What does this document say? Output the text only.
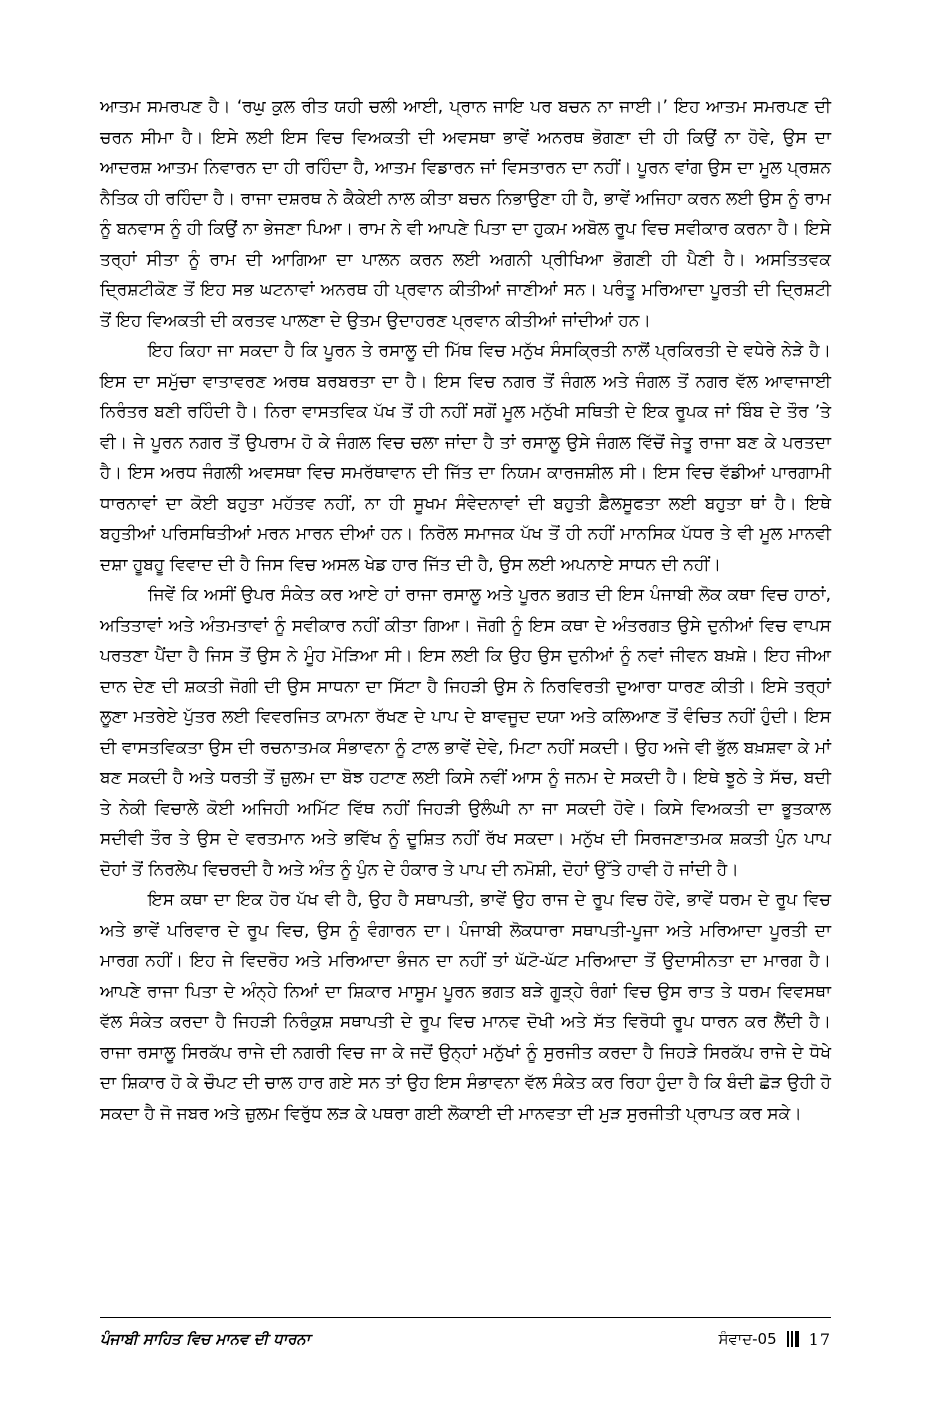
ਆਤਮ ਸਮਰਪਣ ਹੈ। ‘ਰਘੁ ਕੁਲ ਰੀਤ ਯਹੀ ਚਲੀ ਆਈ, ਪ੍ਰਾਨ ਜਾਇ ਪਰ ਬਚਨ ਨਾ ਜਾਈ।’ ਇਹ ਆਤਮ ਸਮਰਪਣ ਦੀ ਚਰਨ ਸੀਮਾ ਹੈ। ਇਸੇ ਲਈ ਇਸ ਵਿਚ ਵਿਅਕਤੀ ਦੀ ਅਵਸਥਾ ਭਾਵੇਂ ਅਨਰਥ ਭੋਗਣਾ ਦੀ ਹੀ ਕਿਉਂ ਨਾ ਹੋਵੇ, ਉਸ ਦਾ ਆਦਰਸ਼ ਆਤਮ ਨਿਵਾਰਨ ਦਾ ਹੀ ਰਹਿੰਦਾ ਹੈ, ਆਤਮ ਵਿਡਾਰਨ ਜਾਂ ਵਿਸਤਾਰਨ ਦਾ ਨਹੀਂ। ਪੂਰਨ ਵਾਂਗ ਉਸ ਦਾ ਮੂਲ ਪ੍ਰਸ਼ਨ ਨੈਤਿਕ ਹੀ ਰਹਿੰਦਾ ਹੈ। ਰਾਜਾ ਦਸ਼ਰਥ ਨੇ ਕੈਕੇਈ ਨਾਲ ਕੀਤਾ ਬਚਨ ਨਿਭਾਉਣਾ ਹੀ ਹੈ, ਭਾਵੇਂ ਅਜਿਹਾ ਕਰਨ ਲਈ ਉਸ ਨੂੰ ਰਾਮ ਨੂੰ ਬਨਵਾਸ ਨੂੰ ਹੀ ਕਿਉਂ ਨਾ ਭੇਜਣਾ ਪਿਆ। ਰਾਮ ਨੇ ਵੀ ਆਪਣੇ ਪਿਤਾ ਦਾ ਹੁਕਮ ਅਬੋਲ ਰੂਪ ਵਿਚ ਸਵੀਕਾਰ ਕਰਨਾ ਹੈ। ਇਸੇ ਤਰ੍ਹਾਂ ਸੀਤਾ ਨੂੰ ਰਾਮ ਦੀ ਆਗਿਆ ਦਾ ਪਾਲਨ ਕਰਨ ਲਈ ਅਗਨੀ ਪ੍ਰੀਖਿਆ ਭੋਗਣੀ ਹੀ ਪੈਣੀ ਹੈ। ਅਸਤਿਤਵਕ ਦ੍ਰਿਸ਼ਟੀਕੋਣ ਤੋਂ ਇਹ ਸਭ ਘਟਨਾਵਾਂ ਅਨਰਥ ਹੀ ਪ੍ਰਵਾਨ ਕੀਤੀਆਂ ਜਾਣੀਆਂ ਸਨ। ਪਰੰਤੂ ਮਰਿਆਦਾ ਪੂਰਤੀ ਦੀ ਦ੍ਰਿਸ਼ਟੀ ਤੋਂ ਇਹ ਵਿਅਕਤੀ ਦੀ ਕਰਤਵ ਪਾਲਣਾ ਦੇ ਉਤਮ ਉਦਾਹਰਣ ਪ੍ਰਵਾਨ ਕੀਤੀਆਂ ਜਾਂਦੀਆਂ ਹਨ।

ਇਹ ਕਿਹਾ ਜਾ ਸਕਦਾ ਹੈ ਕਿ ਪੂਰਨ ਤੇ ਰਸਾਲੂ ਦੀ ਮਿੱਥ ਵਿਚ ਮਨੁੱਖ ਸੰਸਕ੍ਰਿਤੀ ਨਾਲੋਂ ਪ੍ਰਕਿਰਤੀ ਦੇ ਵਧੇਰੇ ਨੇੜੇ ਹੈ। ਇਸ ਦਾ ਸਮੁੱਚਾ ਵਾਤਾਵਰਣ ਅਰਥ ਬਰਬਰਤਾ ਦਾ ਹੈ। ਇਸ ਵਿਚ ਨਗਰ ਤੋਂ ਜੰਗਲ ਅਤੇ ਜੰਗਲ ਤੋਂ ਨਗਰ ਵੱਲ ਆਵਾਜਾਈ ਨਿਰੰਤਰ ਬਣੀ ਰਹਿੰਦੀ ਹੈ। ਨਿਰਾ ਵਾਸਤਵਿਕ ਪੱਖ ਤੋਂ ਹੀ ਨਹੀਂ ਸਗੋਂ ਮੂਲ ਮਨੁੱਖੀ ਸਥਿਤੀ ਦੇ ਇਕ ਰੂਪਕ ਜਾਂ ਬਿੰਬ ਦੇ ਤੌਰ ’ਤੇ ਵੀ। ਜੇ ਪੂਰਨ ਨਗਰ ਤੋਂ ਉਪਰਾਮ ਹੋ ਕੇ ਜੰਗਲ ਵਿਚ ਚਲਾ ਜਾਂਦਾ ਹੈ ਤਾਂ ਰਸਾਲੂ ਉਸੇ ਜੰਗਲ ਵਿੱਚੋਂ ਜੇਤੂ ਰਾਜਾ ਬਣ ਕੇ ਪਰਤਦਾ ਹੈ। ਇਸ ਅਰਧ ਜੰਗਲੀ ਅਵਸਥਾ ਵਿਚ ਸਮਰੱਥਾਵਾਨ ਦੀ ਜਿੱਤ ਦਾ ਨਿਯਮ ਕਾਰਜਸ਼ੀਲ ਸੀ। ਇਸ ਵਿਚ ਵੱਡੀਆਂ ਪਾਰਗਾਮੀ ਧਾਰਨਾਵਾਂ ਦਾ ਕੋਈ ਬਹੁਤਾ ਮਹੱਤਵ ਨਹੀਂ, ਨਾ ਹੀ ਸੂਖਮ ਸੰਵੇਦਨਾਵਾਂ ਦੀ ਬਹੁਤੀ ਫ਼ੈਲਸੂਫਤਾ ਲਈ ਬਹੁਤਾ ਥਾਂ ਹੈ। ਇਥੇ ਬਹੁਤੀਆਂ ਪਰਿਸਥਿਤੀਆਂ ਮਰਨ ਮਾਰਨ ਦੀਆਂ ਹਨ। ਨਿਰੋਲ ਸਮਾਜਕ ਪੱਖ ਤੋਂ ਹੀ ਨਹੀਂ ਮਾਨਸਿਕ ਪੱਧਰ ਤੇ ਵੀ ਮੂਲ ਮਾਨਵੀ ਦਸ਼ਾ ਹੂਬਹੂ ਵਿਵਾਦ ਦੀ ਹੈ ਜਿਸ ਵਿਚ ਅਸਲ ਖੇਡ ਹਾਰ ਜਿੱਤ ਦੀ ਹੈ, ਉਸ ਲਈ ਅਪਨਾਏ ਸਾਧਨ ਦੀ ਨਹੀਂ।

ਜਿਵੇਂ ਕਿ ਅਸੀਂ ਉਪਰ ਸੰਕੇਤ ਕਰ ਆਏ ਹਾਂ ਰਾਜਾ ਰਸਾਲੂ ਅਤੇ ਪੂਰਨ ਭਗਤ ਦੀ ਇਸ ਪੰਜਾਬੀ ਲੋਕ ਕਥਾ ਵਿਚ ਹਾਠਾਂ, ਅਤਿਤਾਵਾਂ ਅਤੇ ਅੰਤਮਤਾਵਾਂ ਨੂੰ ਸਵੀਕਾਰ ਨਹੀਂ ਕੀਤਾ ਗਿਆ। ਜੋਗੀ ਨੂੰ ਇਸ ਕਥਾ ਦੇ ਅੰਤਰਗਤ ਉਸੇ ਦੁਨੀਆਂ ਵਿਚ ਵਾਪਸ ਪਰਤਣਾ ਪੈਂਦਾ ਹੈ ਜਿਸ ਤੋਂ ਉਸ ਨੇ ਮੂੰਹ ਮੋੜਿਆ ਸੀ। ਇਸ ਲਈ ਕਿ ਉਹ ਉਸ ਦੁਨੀਆਂ ਨੂੰ ਨਵਾਂ ਜੀਵਨ ਬਖ਼ਸ਼ੇ। ਇਹ ਜੀਆ ਦਾਨ ਦੇਣ ਦੀ ਸ਼ਕਤੀ ਜੋਗੀ ਦੀ ਉਸ ਸਾਧਨਾ ਦਾ ਸਿੱਟਾ ਹੈ ਜਿਹੜੀ ਉਸ ਨੇ ਨਿਰਵਿਰਤੀ ਦੁਆਰਾ ਧਾਰਣ ਕੀਤੀ। ਇਸੇ ਤਰ੍ਹਾਂ ਲੂਣਾ ਮਤਰੇਏ ਪੁੱਤਰ ਲਈ ਵਿਵਰਜਿਤ ਕਾਮਨਾ ਰੱਖਣ ਦੇ ਪਾਪ ਦੇ ਬਾਵਜੂਦ ਦਯਾ ਅਤੇ ਕਲਿਆਣ ਤੋਂ ਵੰਚਿਤ ਨਹੀਂ ਹੁੰਦੀ। ਇਸ ਦੀ ਵਾਸਤਵਿਕਤਾ ਉਸ ਦੀ ਰਚਨਾਤਮਕ ਸੰਭਾਵਨਾ ਨੂੰ ਟਾਲ ਭਾਵੇਂ ਦੇਵੇ, ਮਿਟਾ ਨਹੀਂ ਸਕਦੀ। ਉਹ ਅਜੇ ਵੀ ਭੁੱਲ ਬਖ਼ਸ਼ਵਾ ਕੇ ਮਾਂ ਬਣ ਸਕਦੀ ਹੈ ਅਤੇ ਧਰਤੀ ਤੋਂ ਜ਼ੁਲਮ ਦਾ ਬੋਝ ਹਟਾਣ ਲਈ ਕਿਸੇ ਨਵੀਂ ਆਸ ਨੂੰ ਜਨਮ ਦੇ ਸਕਦੀ ਹੈ। ਇਥੇ ਝੂਠੇ ਤੇ ਸੱਚ, ਬਦੀ ਤੇ ਨੇਕੀ ਵਿਚਾਲੇ ਕੋਈ ਅਜਿਹੀ ਅਮਿੱਟ ਵਿੱਥ ਨਹੀਂ ਜਿਹੜੀ ਉਲੰਘੀ ਨਾ ਜਾ ਸਕਦੀ ਹੋਵੇ। ਕਿਸੇ ਵਿਅਕਤੀ ਦਾ ਭੂਤਕਾਲ ਸਦੀਵੀ ਤੌਰ ਤੇ ਉਸ ਦੇ ਵਰਤਮਾਨ ਅਤੇ ਭਵਿੱਖ ਨੂੰ ਦੂਸ਼ਿਤ ਨਹੀਂ ਰੱਖ ਸਕਦਾ। ਮਨੁੱਖ ਦੀ ਸਿਰਜਣਾਤਮਕ ਸ਼ਕਤੀ ਪੁੰਨ ਪਾਪ ਦੋਹਾਂ ਤੋਂ ਨਿਰਲੇਪ ਵਿਚਰਦੀ ਹੈ ਅਤੇ ਅੰਤ ਨੂੰ ਪੁੰਨ ਦੇ ਹੰਕਾਰ ਤੇ ਪਾਪ ਦੀ ਨਮੋਸ਼ੀ, ਦੋਹਾਂ ਉੱਤੇ ਹਾਵੀ ਹੋ ਜਾਂਦੀ ਹੈ।

ਇਸ ਕਥਾ ਦਾ ਇਕ ਹੋਰ ਪੱਖ ਵੀ ਹੈ, ਉਹ ਹੈ ਸਥਾਪਤੀ, ਭਾਵੇਂ ਉਹ ਰਾਜ ਦੇ ਰੂਪ ਵਿਚ ਹੋਵੇ, ਭਾਵੇਂ ਧਰਮ ਦੇ ਰੂਪ ਵਿਚ ਅਤੇ ਭਾਵੇਂ ਪਰਿਵਾਰ ਦੇ ਰੂਪ ਵਿਚ, ਉਸ ਨੂੰ ਵੰਗਾਰਨ ਦਾ। ਪੰਜਾਬੀ ਲੋਕਧਾਰਾ ਸਥਾਪਤੀ-ਪੂਜਾ ਅਤੇ ਮਰਿਆਦਾ ਪੂਰਤੀ ਦਾ ਮਾਰਗ ਨਹੀਂ। ਇਹ ਜੇ ਵਿਦਰੋਹ ਅਤੇ ਮਰਿਆਦਾ ਭੰਜਨ ਦਾ ਨਹੀਂ ਤਾਂ ਘੱਟੋ-ਘੱਟ ਮਰਿਆਦਾ ਤੋਂ ਉਦਾਸੀਨਤਾ ਦਾ ਮਾਰਗ ਹੈ। ਆਪਣੇ ਰਾਜਾ ਪਿਤਾ ਦੇ ਅੰਨ੍ਹੇ ਨਿਆਂ ਦਾ ਸ਼ਿਕਾਰ ਮਾਸੂਮ ਪੂਰਨ ਭਗਤ ਬੜੇ ਗੂੜ੍ਹੇ ਰੰਗਾਂ ਵਿਚ ਉਸ ਰਾਤ ਤੇ ਧਰਮ ਵਿਵਸਥਾ ਵੱਲ ਸੰਕੇਤ ਕਰਦਾ ਹੈ ਜਿਹੜੀ ਨਿਰੰਕੁਸ਼ ਸਥਾਪਤੀ ਦੇ ਰੂਪ ਵਿਚ ਮਾਨਵ ਦੋਖੀ ਅਤੇ ਸੱਤ ਵਿਰੋਧੀ ਰੂਪ ਧਾਰਨ ਕਰ ਲੈਂਦੀ ਹੈ। ਰਾਜਾ ਰਸਾਲੂ ਸਿਰਕੱਪ ਰਾਜੇ ਦੀ ਨਗਰੀ ਵਿਚ ਜਾ ਕੇ ਜਦੋਂ ਉਨ੍ਹਾਂ ਮਨੁੱਖਾਂ ਨੂੰ ਸੁਰਜੀਤ ਕਰਦਾ ਹੈ ਜਿਹੜੇ ਸਿਰਕੱਪ ਰਾਜੇ ਦੇ ਧੋਖੇ ਦਾ ਸ਼ਿਕਾਰ ਹੋ ਕੇ ਚੌਪਟ ਦੀ ਚਾਲ ਹਾਰ ਗਏ ਸਨ ਤਾਂ ਉਹ ਇਸ ਸੰਭਾਵਨਾ ਵੱਲ ਸੰਕੇਤ ਕਰ ਰਿਹਾ ਹੁੰਦਾ ਹੈ ਕਿ ਬੰਦੀ ਛੋੜ ਉਹੀ ਹੋ ਸਕਦਾ ਹੈ ਜੋ ਜਬਰ ਅਤੇ ਜ਼ੁਲਮ ਵਿਰੁੱਧ ਲੜ ਕੇ ਪਥਰਾ ਗਈ ਲੋਕਾਈ ਦੀ ਮਾਨਵਤਾ ਦੀ ਮੁੜ ਸੁਰਜੀਤੀ ਪ੍ਰਾਪਤ ਕਰ ਸਕੇ।

ਪੰਜਾਬੀ ਸਾਹਿਤ ਵਿਚ ਮਾਨਵ ਦੀ ਧਾਰਨਾ	ਸੰਵਾਦ-05 17
